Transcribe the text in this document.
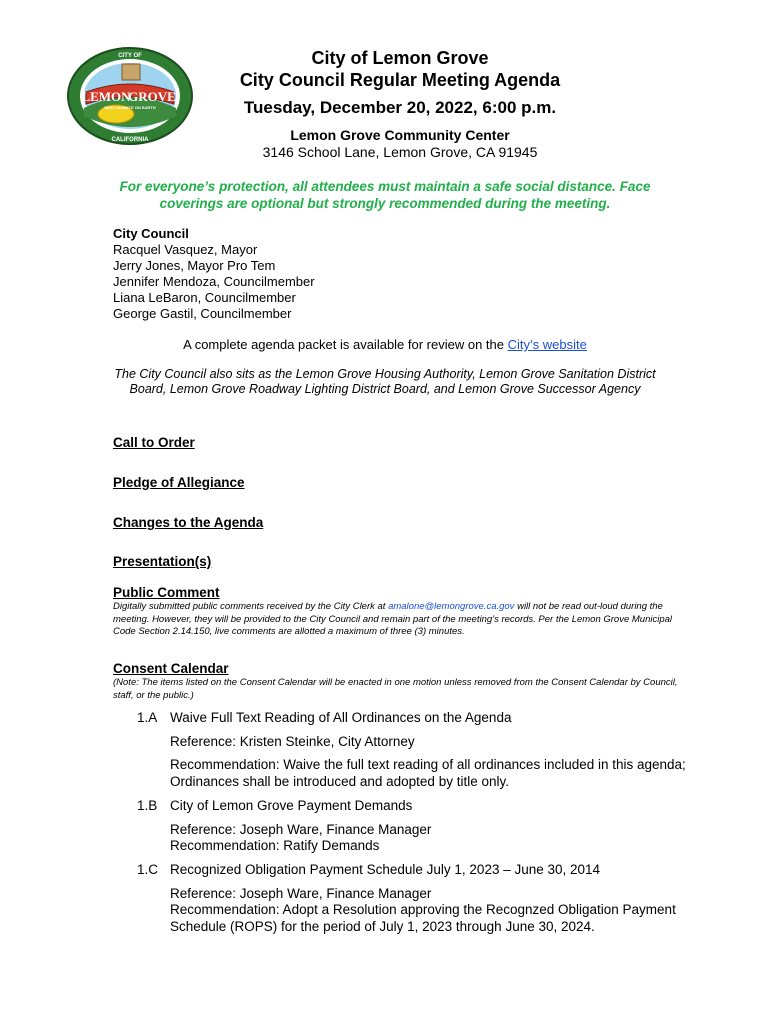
CITY OF
LEMON
GROVE
BEST CLIMATE ON EARTH
CALIFORNIA
City of Lemon Grove
City Council Regular Meeting Agenda
Tuesday, December 20, 2022, 6:00 p.m.
Lemon Grove Community Center
3146 School Lane, Lemon Grove, CA 91945
For everyone’s protection, all attendees must maintain a safe social distance. Face coverings are optional but strongly recommended during the meeting.
City Council
Racquel Vasquez, Mayor
Jerry Jones, Mayor Pro Tem
Jennifer Mendoza, Councilmember
Liana LeBaron, Councilmember
George Gastil, Councilmember
A complete agenda packet is available for review on the City’s website
The City Council also sits as the Lemon Grove Housing Authority, Lemon Grove Sanitation District Board, Lemon Grove Roadway Lighting District Board, and Lemon Grove Successor Agency
Call to Order
Pledge of Allegiance
Changes to the Agenda
Presentation(s)
Public Comment
Digitally submitted public comments received by the City Clerk at amalone@lemongrove.ca.gov will not be read out-loud during the meeting. However, they will be provided to the City Council and remain part of the meeting’s records. Per the Lemon Grove Municipal Code Section 2.14.150, live comments are allotted a maximum of three (3) minutes.
Consent Calendar
(Note: The items listed on the Consent Calendar will be enacted in one motion unless removed from the Consent Calendar by Council, staff, or the public.)
1.A Waive Full Text Reading of All Ordinances on the Agenda
Reference: Kristen Steinke, City Attorney
Recommendation: Waive the full text reading of all ordinances included in this agenda; Ordinances shall be introduced and adopted by title only.
1.B City of Lemon Grove Payment Demands
Reference: Joseph Ware, Finance Manager
Recommendation: Ratify Demands
1.C Recognized Obligation Payment Schedule July 1, 2023 – June 30, 2014
Reference: Joseph Ware, Finance Manager
Recommendation: Adopt a Resolution approving the Recognzed Obligation Payment Schedule (ROPS) for the period of July 1, 2023 through June 30, 2024.
